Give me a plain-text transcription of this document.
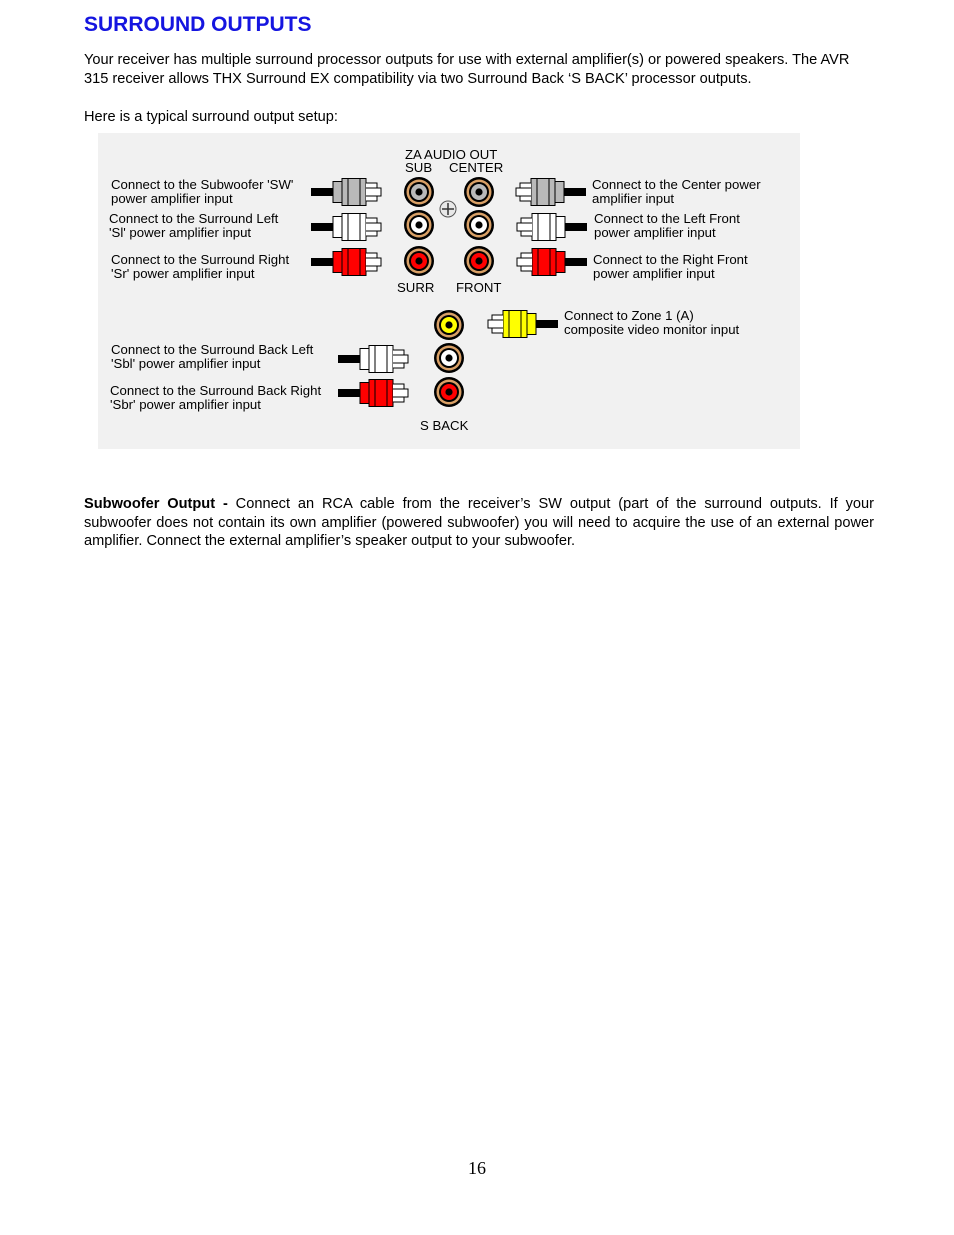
SURROUND OUTPUTS

Your receiver has multiple surround processor outputs for use with external amplifier(s) or powered speakers. The AVR 315 receiver allows THX Surround EX compatibility via two Surround Back ‘S BACK’ processor outputs.

Here is a typical surround output setup:

ZA AUDIO OUT
SUB CENTER
SURR FRONT
S BACK
Connect to the Subwoofer 'SW'
power amplifier input
Connect to the Surround Left
'Sl' power amplifier input
Connect to the Surround Right
'Sr' power amplifier input
Connect to the Surround Back Left
'Sbl' power amplifier input
Connect to the Surround Back Right
'Sbr' power amplifier input
Connect to the Center power
amplifier input
Connect to the Left Front
power amplifier input
Connect to the Right Front
power amplifier input
Connect to Zone 1 (A)
composite video monitor input

Subwoofer Output - Connect an RCA cable from the receiver’s SW output (part of the surround outputs. If your subwoofer does not contain its own amplifier (powered subwoofer) you will need to acquire the use of an external power amplifier. Connect the external amplifier’s speaker output to your subwoofer.

16
